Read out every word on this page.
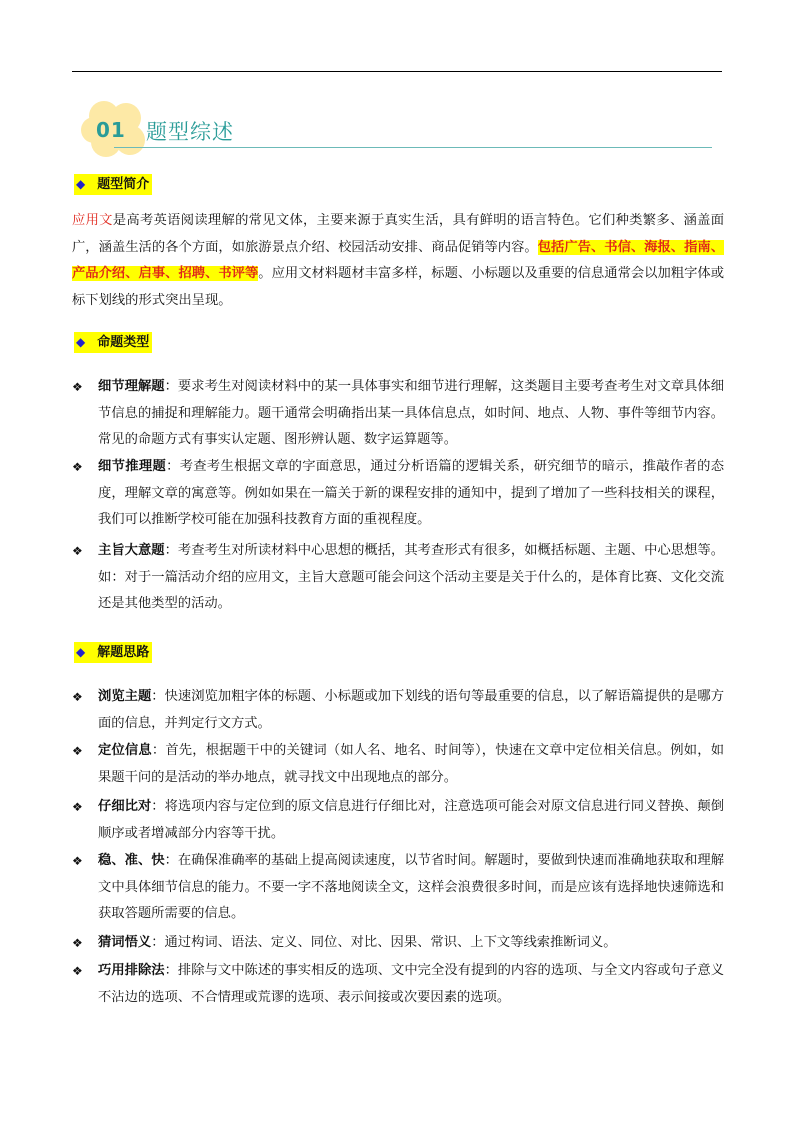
01 题型综述
◆ 题型简介

应用文是高考英语阅读理解的常见文体，主要来源于真实生活，具有鲜明的语言特色。它们种类繁多、涵盖面广，涵盖生活的各个方面，如旅游景点介绍、校园活动安排、商品促销等内容。包括广告、书信、海报、指南、产品介绍、启事、招聘、书评等。应用文材料题材丰富多样，标题、小标题以及重要的信息通常会以加粗字体或标下划线的形式突出呈现。

◆ 命题类型
❖ 细节理解题：要求考生对阅读材料中的某一具体事实和细节进行理解，这类题目主要考查考生对文章具体细节信息的捕捉和理解能力。题干通常会明确指出某一具体信息点，如时间、地点、人物、事件等细节内容。常见的命题方式有事实认定题、图形辨认题、数字运算题等。

❖ 细节推理题：考查考生根据文章的字面意思，通过分析语篇的逻辑关系，研究细节的暗示，推敲作者的态度，理解文章的寓意等。例如如果在一篇关于新的课程安排的通知中，提到了增加了一些科技相关的课程，我们可以推断学校可能在加强科技教育方面的重视程度。

❖ 主旨大意题：考查考生对所读材料中心思想的概括，其考查形式有很多，如概括标题、主题、中心思想等。如：对于一篇活动介绍的应用文，主旨大意题可能会问这个活动主要是关于什么的，是体育比赛、文化交流还是其他类型的活动。

◆ 解题思路
❖ 浏览主题：快速浏览加粗字体的标题、小标题或加下划线的语句等最重要的信息，以了解语篇提供的是哪方面的信息，并判定行文方式。

❖ 定位信息：首先，根据题干中的关键词（如人名、地名、时间等），快速在文章中定位相关信息。例如，如果题干问的是活动的举办地点，就寻找文中出现地点的部分。

❖ 仔细比对：将选项内容与定位到的原文信息进行仔细比对，注意选项可能会对原文信息进行同义替换、颠倒顺序或者增减部分内容等干扰。

❖ 稳、准、快：在确保准确率的基础上提高阅读速度，以节省时间。解题时，要做到快速而准确地获取和理解文中具体细节信息的能力。不要一字不落地阅读全文，这样会浪费很多时间，而是应该有选择地快速筛选和获取答题所需要的信息。

❖ 猜词悟义：通过构词、语法、定义、同位、对比、因果、常识、上下文等线索推断词义。

❖ 巧用排除法：排除与文中陈述的事实相反的选项、文中完全没有提到的内容的选项、与全文内容或句子意义不沾边的选项、不合情理或荒谬的选项、表示间接或次要因素的选项。
